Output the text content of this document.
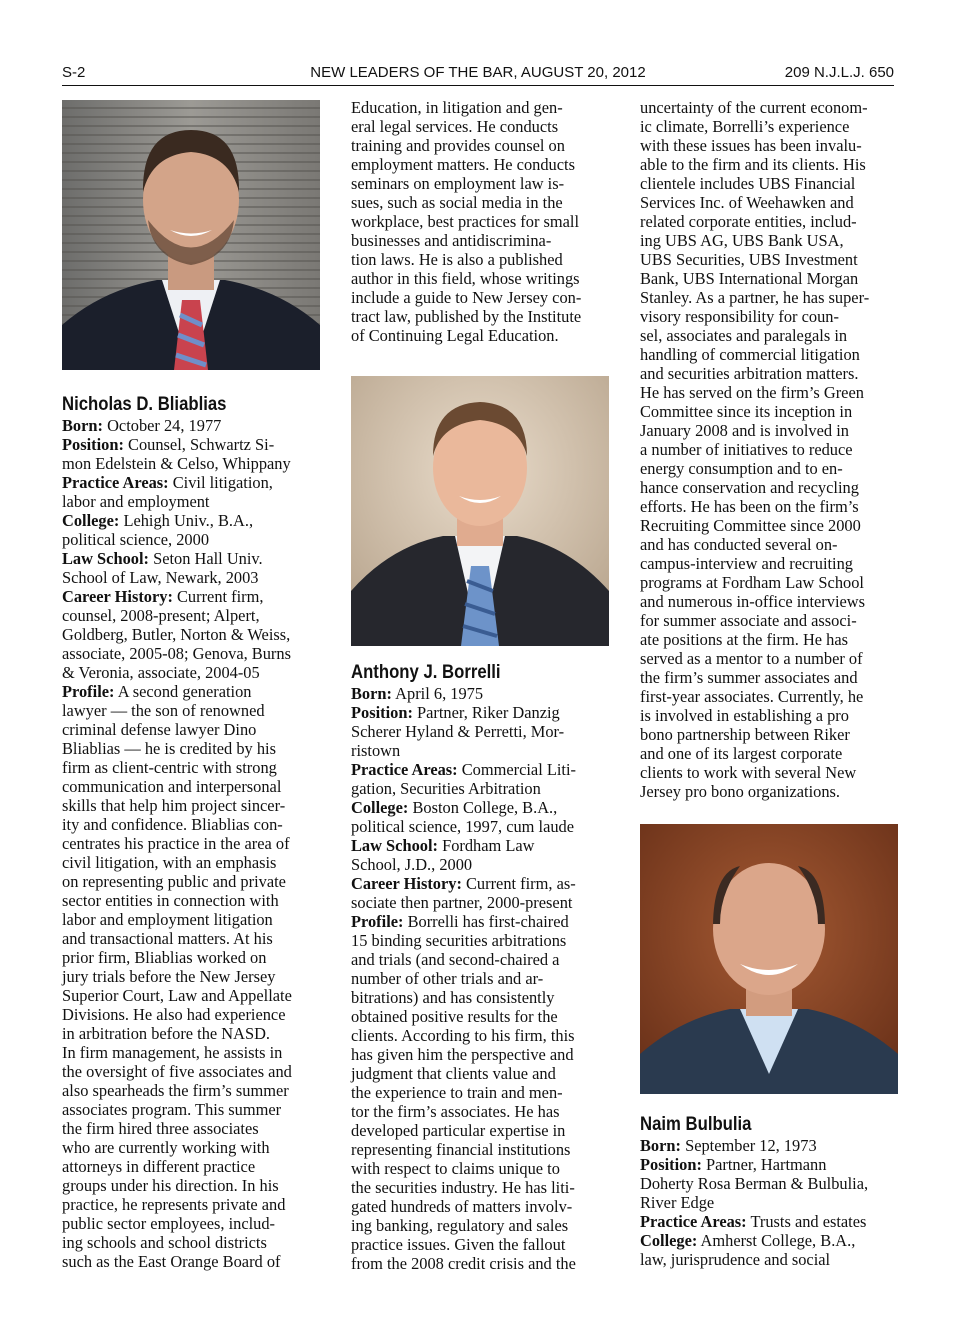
S-2	NEW LEADERS OF THE BAR, AUGUST 20, 2012	209 N.J.L.J. 650

Nicholas D. Bliablias

Born: October 24, 1977

Position: Counsel, Schwartz Si-

mon Edelstein & Celso, Whippany

Practice Areas: Civil litigation,

labor and employment

College: Lehigh Univ., B.A.,

political science, 2000

Law School: Seton Hall Univ.

School of Law, Newark, 2003

Career History: Current firm,

counsel, 2008-present; Alpert,

Goldberg, Butler, Norton & Weiss,

associate, 2005-08; Genova, Burns

& Veronia, associate, 2004-05

Profile: A second generation

lawyer — the son of renowned

criminal defense lawyer Dino

Bliablias — he is credited by his

firm as client-centric with strong

communication and interpersonal

skills that help him project sincer-

ity and confidence. Bliablias con-

centrates his practice in the area of

civil litigation, with an emphasis

on representing public and private

sector entities in connection with

labor and employment litigation

and transactional matters. At his

prior firm, Bliablias worked on

jury trials before the New Jersey

Superior Court, Law and Appellate

Divisions. He also had experience

in arbitration before the NASD.

In firm management, he assists in

the oversight of five associates and

also spearheads the firm’s summer

associates program. This summer

the firm hired three associates

who are currently working with

attorneys in different practice

groups under his direction. In his

practice, he represents private and

public sector employees, includ-

ing schools and school districts

such as the East Orange Board of

Education, in litigation and gen-

eral legal services. He conducts

training and provides counsel on

employment matters. He conducts

seminars on employment law is-

sues, such as social media in the

workplace, best practices for small

businesses and antidiscrimina-

tion laws. He is also a published

author in this field, whose writings

include a guide to New Jersey con-

tract law, published by the Institute

of Continuing Legal Education.

Anthony J. Borrelli

Born: April 6, 1975

Position: Partner, Riker Danzig

Scherer Hyland & Perretti, Mor-

ristown

Practice Areas: Commercial Liti-

gation, Securities Arbitration

College: Boston College, B.A.,

political science, 1997, cum laude

Law School: Fordham Law

School, J.D., 2000

Career History: Current firm, as-

sociate then partner, 2000-present

Profile: Borrelli has first-chaired

15 binding securities arbitrations

and trials (and second-chaired a

number of other trials and ar-

bitrations) and has consistently

obtained positive results for the

clients. According to his firm, this

has given him the perspective and

judgment that clients value and

the experience to train and men-

tor the firm’s associates. He has

developed particular expertise in

representing financial institutions

with respect to claims unique to

the securities industry. He has liti-

gated hundreds of matters involv-

ing banking, regulatory and sales

practice issues. Given the fallout

from the 2008 credit crisis and the

uncertainty of the current econom-

ic climate, Borrelli’s experience

with these issues has been invalu-

able to the firm and its clients. His

clientele includes UBS Financial

Services Inc. of Weehawken and

related corporate entities, includ-

ing UBS AG, UBS Bank USA,

UBS Securities, UBS Investment

Bank, UBS International Morgan

Stanley. As a partner, he has super-

visory responsibility for coun-

sel, associates and paralegals in

handling of commercial litigation

and securities arbitration matters.

He has served on the firm’s Green

Committee since its inception in

January 2008 and is involved in

a number of initiatives to reduce

energy consumption and to en-

hance conservation and recycling

efforts. He has been on the firm’s

Recruiting Committee since 2000

and has conducted several on-

campus-interview and recruiting

programs at Fordham Law School

and numerous in-office interviews

for summer associate and associ-

ate positions at the firm. He has

served as a mentor to a number of

the firm’s summer associates and

first-year associates. Currently, he

is involved in establishing a pro

bono partnership between Riker

and one of its largest corporate

clients to work with several New

Jersey pro bono organizations.

Naim Bulbulia

Born: September 12, 1973

Position: Partner, Hartmann

Doherty Rosa Berman & Bulbulia,

River Edge

Practice Areas: Trusts and estates

College: Amherst College, B.A.,

law, jurisprudence and social
